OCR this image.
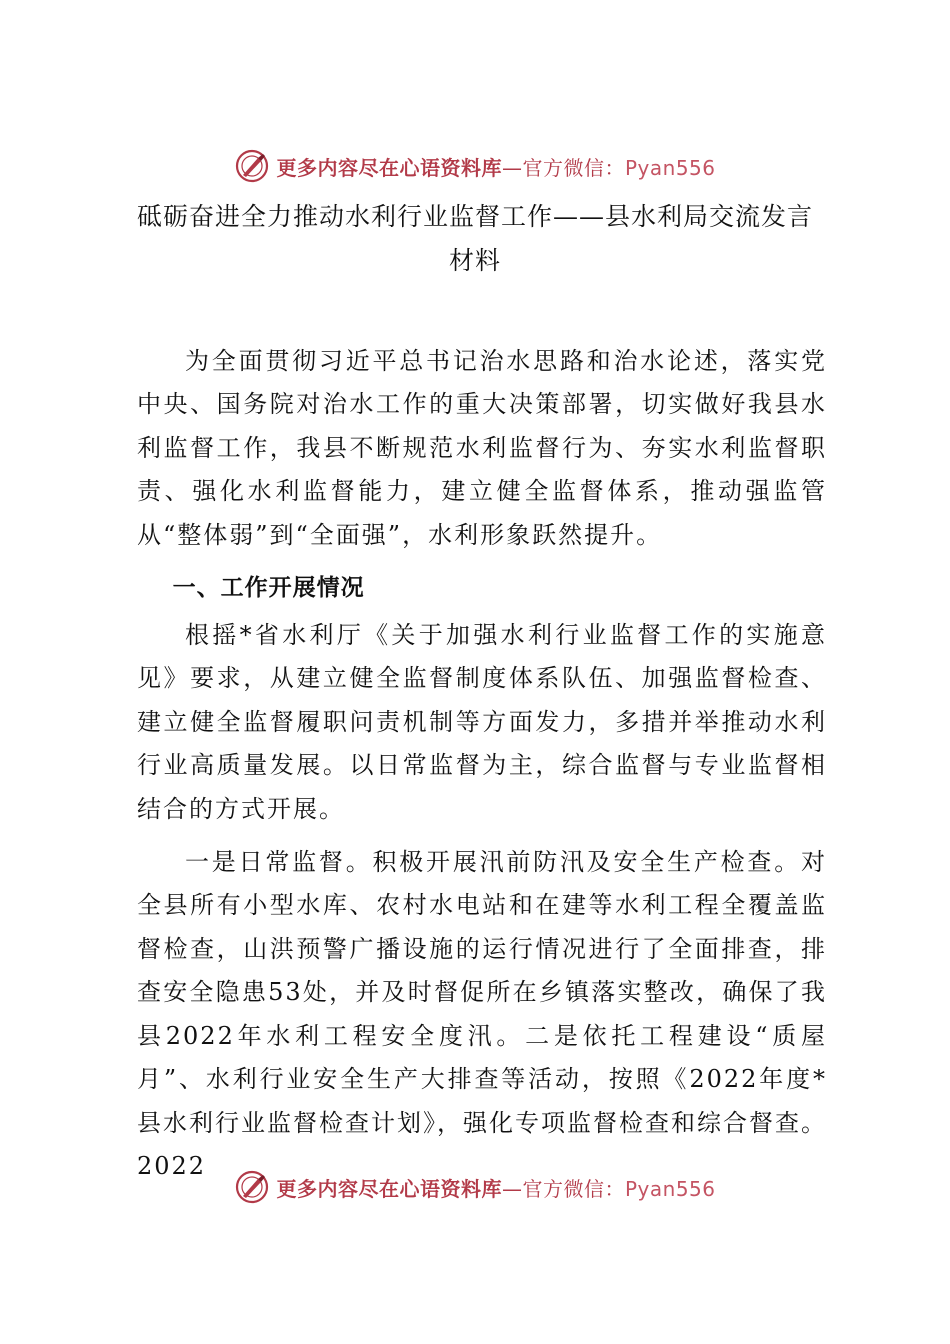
更多内容尽在心语资料库—官方微信：Pyan556
砥砺奋进全力推动水利行业监督工作——县水利局交流发言
材料

为全面贯彻习近平总书记治水思路和治水论述，落实党中央、国务院对治水工作的重大决策部署，切实做好我县水利监督工作，我县不断规范水利监督行为、夯实水利监督职责、强化水利监督能力，建立健全监督体系，推动强监管从“整体弱”到“全面强”，水利形象跃然提升。

一、工作开展情况

根摇*省水利厅《关于加强水利行业监督工作的实施意见》要求，从建立健全监督制度体系队伍、加强监督检查、建立健全监督履职问责机制等方面发力，多措并举推动水利行业高质量发展。以日常监督为主，综合监督与专业监督相结合的方式开展。

一是日常监督。积极开展汛前防汛及安全生产检查。对全县所有小型水库、农村水电站和在建等水利工程全覆盖监督检查，山洪预警广播设施的运行情况进行了全面排查，排查安全隐患53处，并及时督促所在乡镇落实整改，确保了我县2022年水利工程安全度汛。二是依托工程建设“质屋月”、水利行业安全生产大排查等活动，按照《2022年度*县水利行业监督检查计划》，强化专项监督检查和综合督查。2022

更多内容尽在心语资料库—官方微信：Pyan556
